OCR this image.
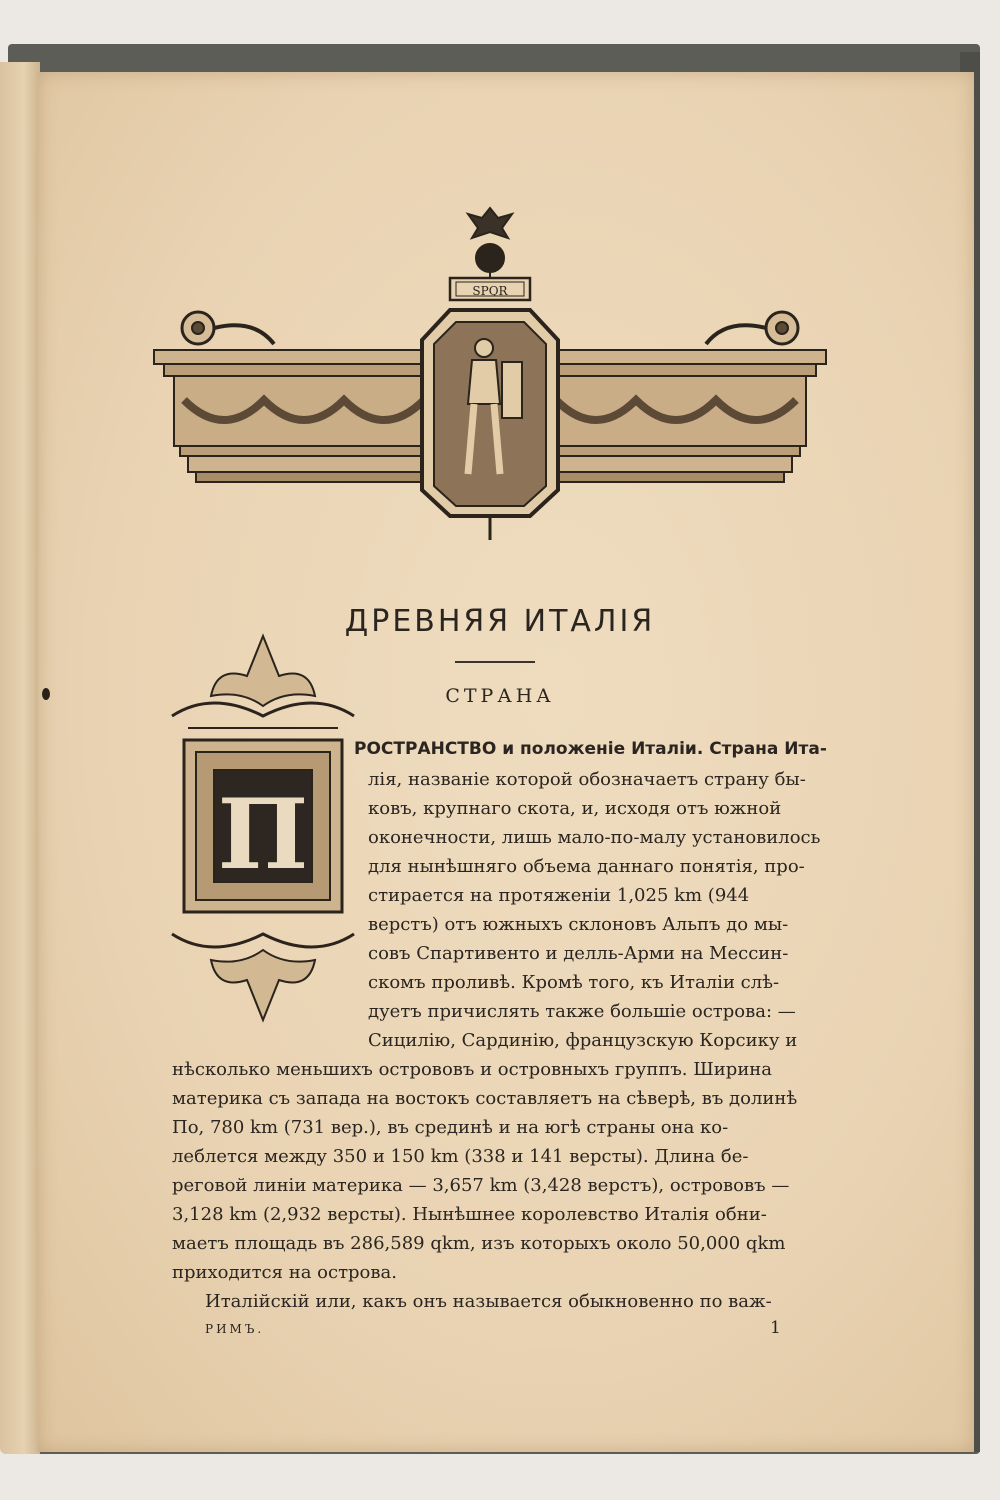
SPQR
ДРЕВНЯЯ ИТАЛІЯ
СТРАНА
П
РОСТРАНСТВО и положеніе Италіи. Страна Ита-
лія, названіе которой обозначаетъ страну бы-
ковъ, крупнаго скота, и, исходя отъ южной
оконечности, лишь мало-по-малу установилось
для нынѣшняго объема даннаго понятія, про-
стирается на протяженіи 1,025 km (944
верстъ) отъ южныхъ склоновъ Альпъ до мы-
совъ Спартивенто и делль-Арми на Мессин-
скомъ проливѣ. Кромѣ того, къ Италіи слѣ-
дуетъ причислять также большіе острова: —
Сицилію, Сардинію, французскую Корсику и
нѣсколько меньшихъ острововъ и островныхъ группъ. Ширина
материка съ запада на востокъ составляетъ на сѣверѣ, въ долинѣ
По, 780 km (731 вер.), въ срединѣ и на югѣ страны она ко-
леблется между 350 и 150 km (338 и 141 версты). Длина бе-
реговой линіи материка — 3,657 km (3,428 верстъ), острововъ —
3,128 km (2,932 версты). Нынѣшнее королевство Италія обни-
маетъ площадь въ 286,589 qkm, изъ которыхъ около 50,000 qkm
приходится на острова.
Италійскій или, какъ онъ называется обыкновенно по важ-
РИМЪ.	1
